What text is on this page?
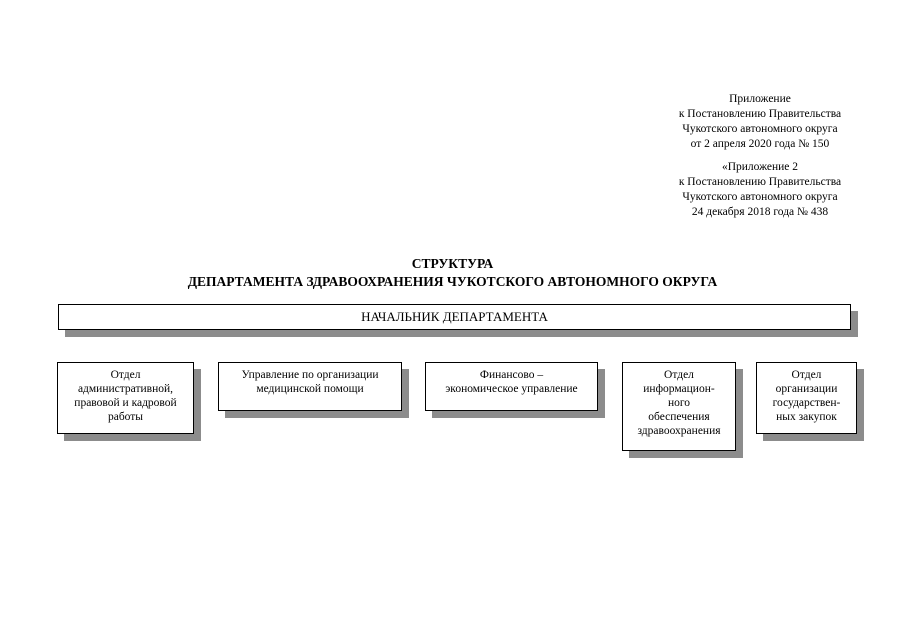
Приложение
к Постановлению Правительства
Чукотского автономного округа
от 2 апреля 2020 года № 150
«Приложение 2
к Постановлению Правительства
Чукотского автономного округа
24 декабря 2018 года № 438
СТРУКТУРА
ДЕПАРТАМЕНТА ЗДРАВООХРАНЕНИЯ ЧУКОТСКОГО АВТОНОМНОГО ОКРУГА
НАЧАЛЬНИК ДЕПАРТАМЕНТА
Отдел
административной,
правовой и кадровой
работы
Управление по организации
медицинской помощи
Финансово –
экономическое управление
Отдел
информацион-
ного
обеспечения
здравоохранения
Отдел
организации
государствен-
ных закупок
